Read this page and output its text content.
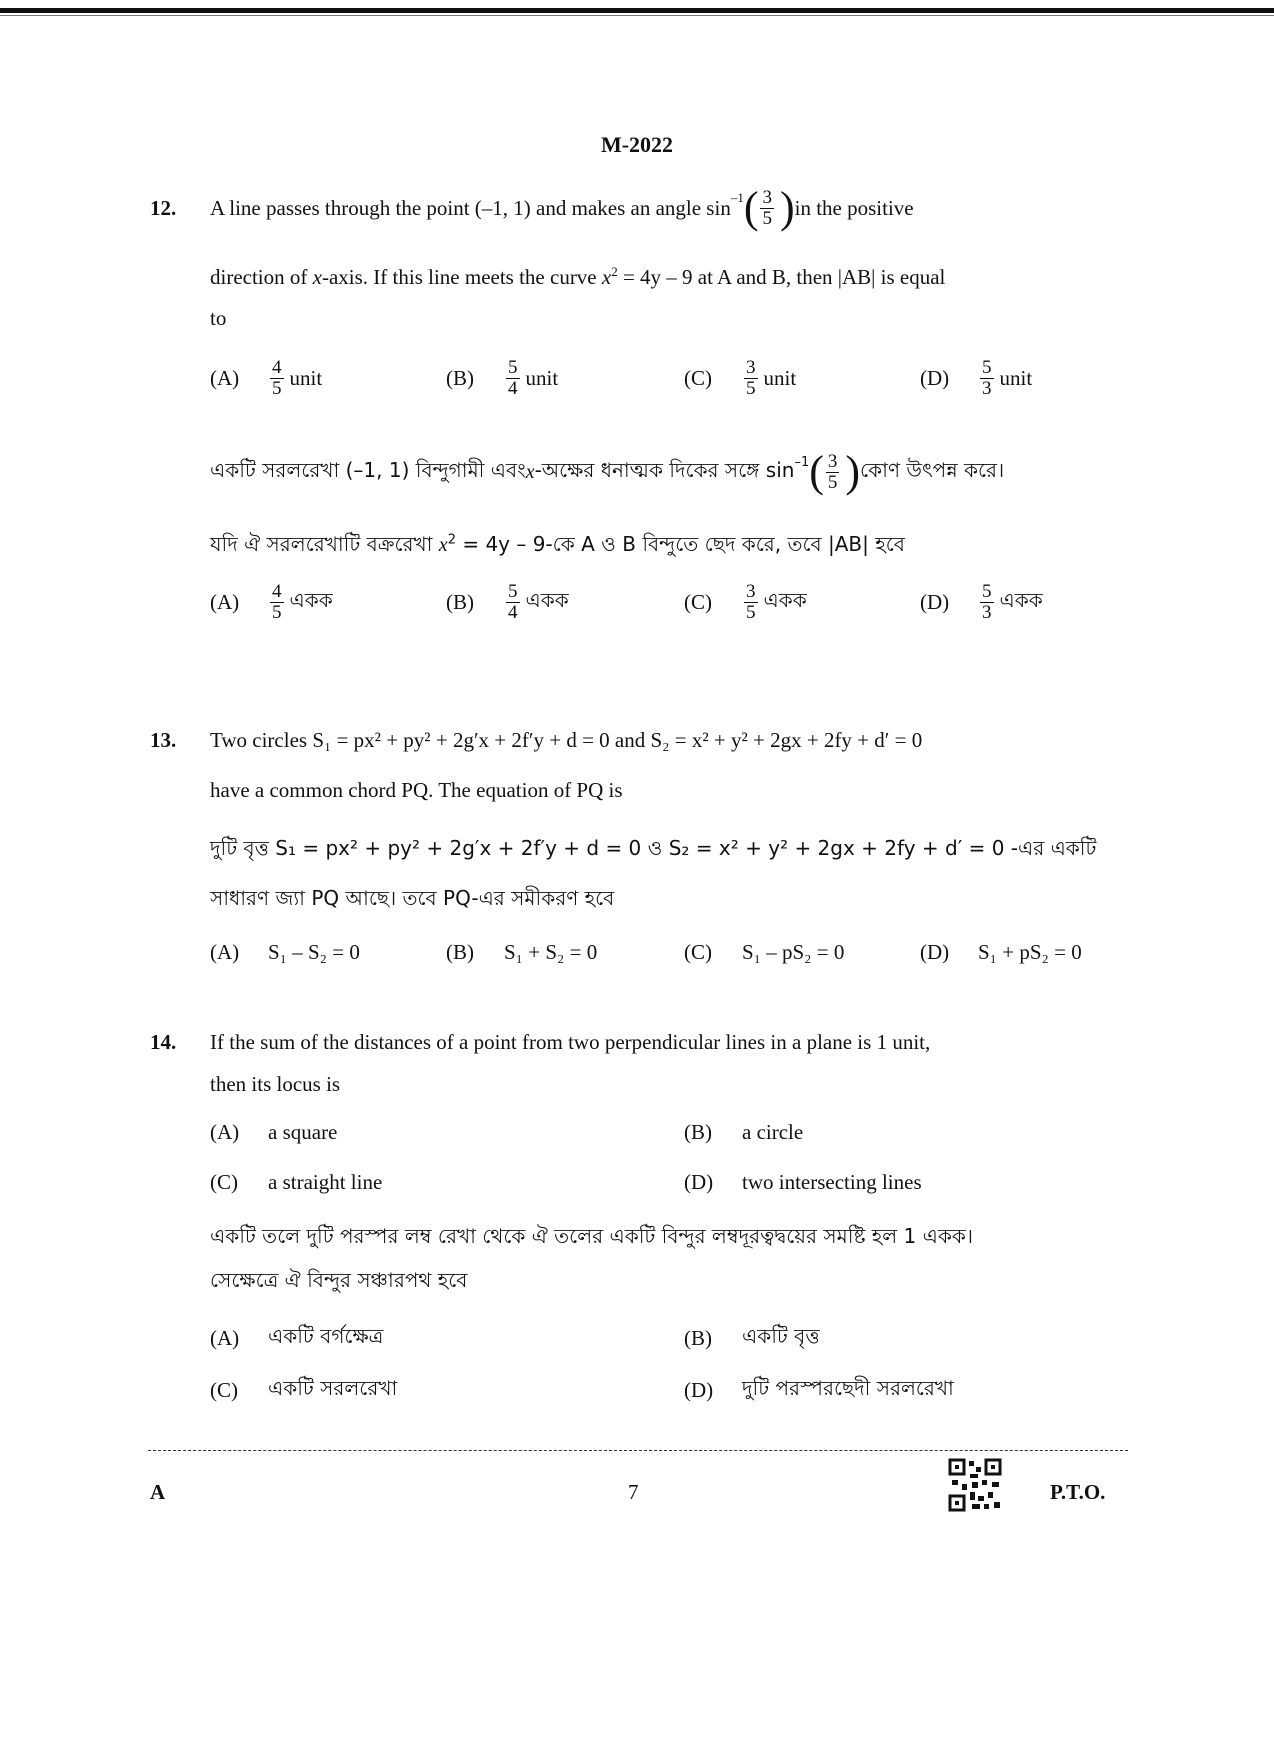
M-2022
12. A line passes through the point (–1, 1) and makes an angle $\sin^{-1}$ ( $\frac{3}{5}$ ) in the positive
direction of x-axis. If this line meets the curve $x^2 = 4y - 9$ at A and B, then |AB| is equal
to
(A)	$\frac{4}{5}$ unit	(B)	$\frac{5}{4}$ unit	(C)	$\frac{3}{5}$ unit	(D)	$\frac{5}{3}$ unit
একটি সরলরেখা (–1, 1) বিন্দুগামী এবং x -অক্ষের ধনাত্মক দিকের সঙ্গে $\sin^{-1}$ ( $\frac{3}{5}$ ) কোণ উৎপন্ন করে।
যদি ঐ সরলরেখাটি বক্ররেখা $x^2 = 4y$ – 9-কে A ও B বিন্দুতে ছেদ করে, তবে |AB| হবে
(A)	$\frac{4}{5}$ একক	(B)	$\frac{5}{4}$ একক	(C)	$\frac{3}{5}$ একক	(D)	$\frac{5}{3}$ একক
13. Two circles S₁ = px² + py² + 2g′x + 2f′y + d = 0 and S₂ = x² + y² + 2gx + 2fy + d′ = 0
have a common chord PQ. The equation of PQ is
দুটি বৃত্ত S₁ = px² + py² + 2g′x + 2f′y + d = 0 ও S₂ = x² + y² + 2gx + 2fy + d′ = 0 -এর একটি
সাধারণ জ্যা PQ আছে। তবে PQ-এর সমীকরণ হবে
(A)	S₁ – S₂ = 0	(B)	S₁ + S₂ = 0	(C)	S₁ – pS₂ = 0	(D)	S₁ + pS₂ = 0
14. If the sum of the distances of a point from two perpendicular lines in a plane is 1 unit,
then its locus is
(A)	a square	(B)	a circle
(C)	a straight line	(D)	two intersecting lines
একটি তলে দুটি পরস্পর লম্ব রেখা থেকে ঐ তলের একটি বিন্দুর লম্বদূরত্বদ্বয়ের সমষ্টি হল 1 একক।
সেক্ষেত্রে ঐ বিন্দুর সঞ্চারপথ হবে
(A)	একটি বর্গক্ষেত্র	(B)	একটি বৃত্ত
(C)	একটি সরলরেখা	(D)	দুটি পরস্পরছেদী সরলরেখা
A	7	P.T.O.
